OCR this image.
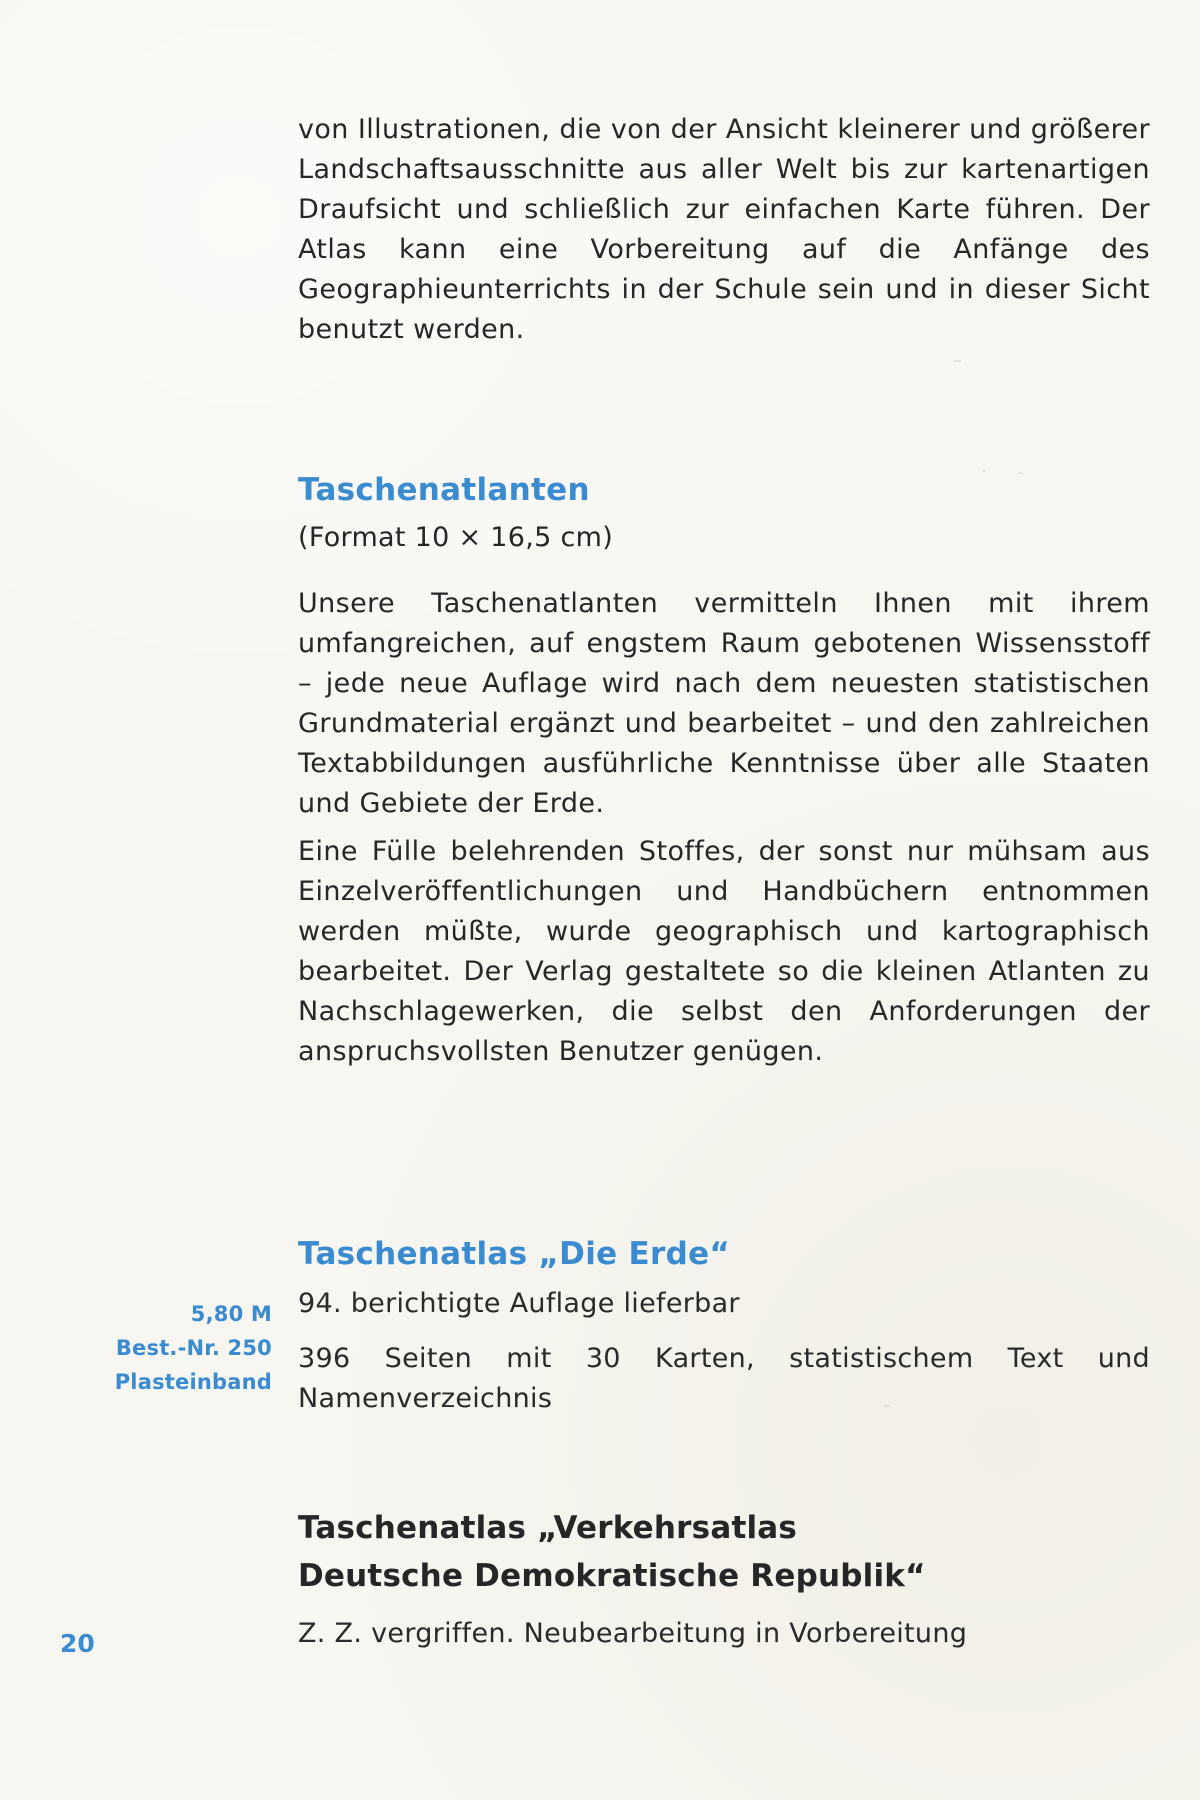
von Illustrationen, die von der Ansicht kleinerer und größerer Landschaftsausschnitte aus aller Welt bis zur kartenartigen Draufsicht und schließlich zur einfachen Karte führen. Der Atlas kann eine Vorbereitung auf die Anfänge des Geographieunterrichts in der Schule sein und in dieser Sicht benutzt werden.
Taschenatlanten
(Format 10 × 16,5 cm)
Unsere Taschenatlanten vermitteln Ihnen mit ihrem umfangreichen, auf engstem Raum gebotenen Wissensstoff – jede neue Auflage wird nach dem neuesten statistischen Grundmaterial ergänzt und bearbeitet – und den zahlreichen Textabbildungen ausführliche Kenntnisse über alle Staaten und Gebiete der Erde.
Eine Fülle belehrenden Stoffes, der sonst nur mühsam aus Einzelveröffentlichungen und Handbüchern entnommen werden müßte, wurde geographisch und kartographisch bearbeitet. Der Verlag gestaltete so die kleinen Atlanten zu Nachschlagewerken, die selbst den Anforderungen der anspruchsvollsten Benutzer genügen.
Taschenatlas „Die Erde“
5,80 M
Best.-Nr. 250
Plasteinband
94. berichtigte Auflage lieferbar
396 Seiten mit 30 Karten, statistischem Text und Namenverzeichnis
Taschenatlas „Verkehrsatlas
Deutsche Demokratische Republik“
Z. Z. vergriffen. Neubearbeitung in Vorbereitung
20
